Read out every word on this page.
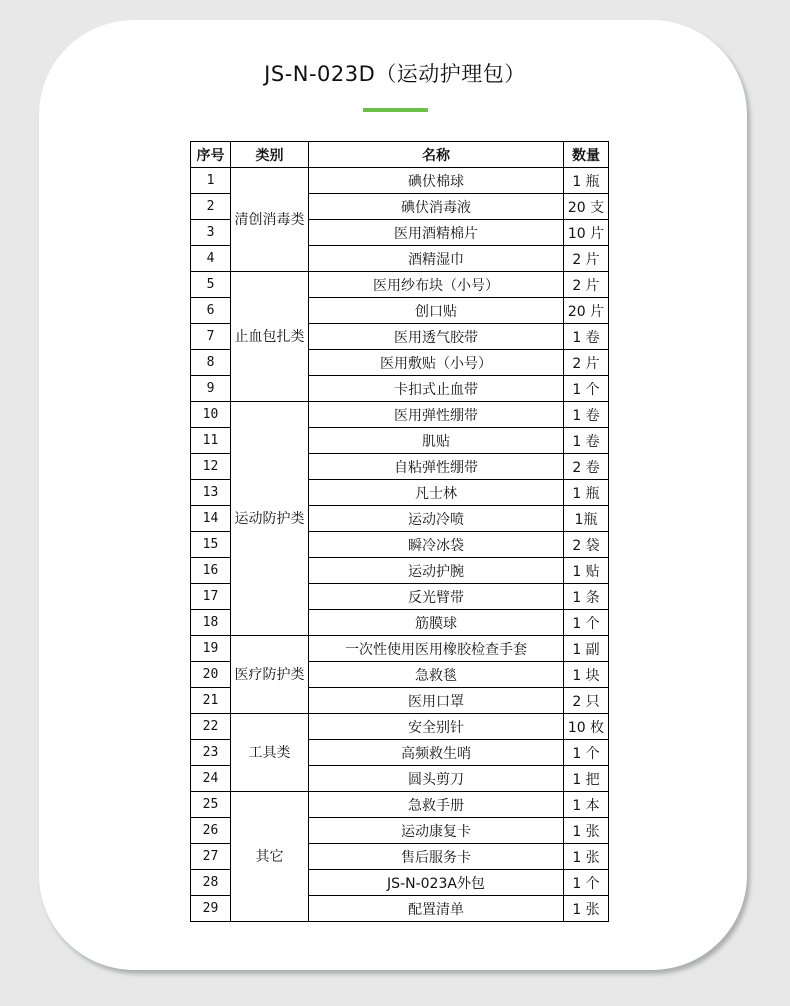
JS-N-023D（运动护理包）
序号	类别	名称	数量
1	清创消毒类	碘伏棉球	1 瓶
2		碘伏消毒液	20 支
3		医用酒精棉片	10 片
4		酒精湿巾	2 片
5	止血包扎类	医用纱布块（小号）	2 片
6		创口贴	20 片
7		医用透气胶带	1 卷
8		医用敷贴（小号）	2 片
9		卡扣式止血带	1 个
10	运动防护类	医用弹性绷带	1 卷
11		肌贴	1 卷
12		自粘弹性绷带	2 卷
13		凡士林	1 瓶
14		运动冷喷	1瓶
15		瞬冷冰袋	2 袋
16		运动护腕	1 贴
17		反光臂带	1 条
18		筋膜球	1 个
19	医疗防护类	一次性使用医用橡胶检查手套	1 副
20		急救毯	1 块
21		医用口罩	2 只
22	工具类	安全别针	10 枚
23		高频救生哨	1 个
24		圆头剪刀	1 把
25	其它	急救手册	1 本
26		运动康复卡	1 张
27		售后服务卡	1 张
28		JS-N-023A外包	1 个
29		配置清单	1 张
